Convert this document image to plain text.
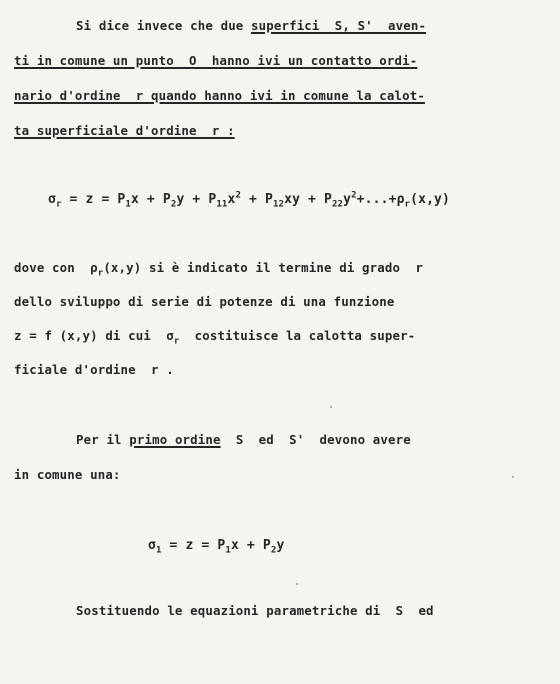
Si dice invece che due superfici  S, S'  aven-
ti in comune un punto  O  hanno ivi un contatto ordi-
nario d'ordine  r quando hanno ivi in comune la calot-
ta superficiale d'ordine  r :
$\sigma_r = z = P_1x + P_2y + P_{11}x^2 + P_{12}xy + P_{22}y^2+...+\rho_r(x,y)$
dove con  $\rho_r(x,y)$ si è indicato il termine di grado  r
dello sviluppo di serie di potenze di una funzione
z = f (x,y) di cui  $\sigma_r$  costituisce la calotta super-
ficiale d'ordine  r .
Per il primo ordine  S  ed  S'  devono avere
in comune una:
$\sigma_1 = z = P_1x + P_2y$
Sostituendo le equazioni parametriche di  S  ed
